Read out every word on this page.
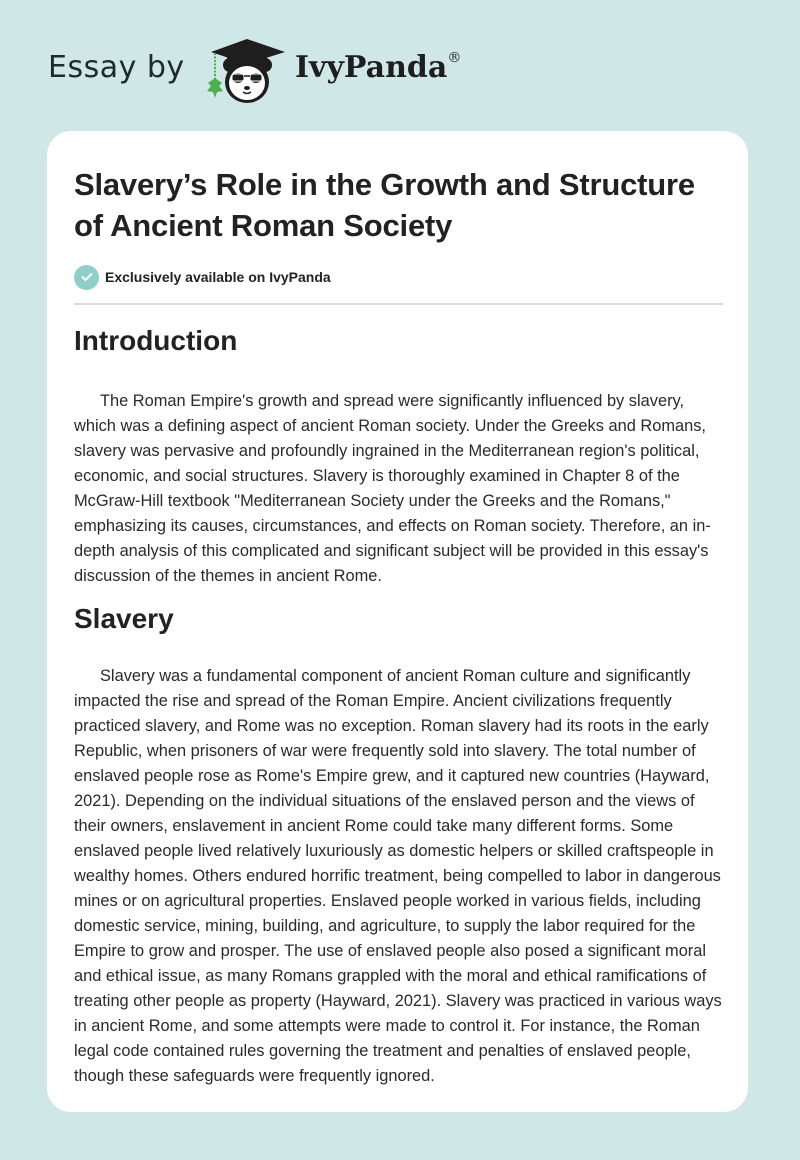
Essay by	IvyPanda®
Slavery’s Role in the Growth and Structure of Ancient Roman Society
Exclusively available on IvyPanda
Introduction

The Roman Empire's growth and spread were significantly influenced by slavery, which was a defining aspect of ancient Roman society. Under the Greeks and Romans, slavery was pervasive and profoundly ingrained in the Mediterranean region's political, economic, and social structures. Slavery is thoroughly examined in Chapter 8 of the McGraw-Hill textbook "Mediterranean Society under the Greeks and the Romans," emphasizing its causes, circumstances, and effects on Roman society. Therefore, an in-depth analysis of this complicated and significant subject will be provided in this essay's discussion of the themes in ancient Rome.

Slavery

Slavery was a fundamental component of ancient Roman culture and significantly impacted the rise and spread of the Roman Empire. Ancient civilizations frequently practiced slavery, and Rome was no exception. Roman slavery had its roots in the early Republic, when prisoners of war were frequently sold into slavery. The total number of enslaved people rose as Rome's Empire grew, and it captured new countries (Hayward, 2021). Depending on the individual situations of the enslaved person and the views of their owners, enslavement in ancient Rome could take many different forms. Some enslaved people lived relatively luxuriously as domestic helpers or skilled craftspeople in wealthy homes. Others endured horrific treatment, being compelled to labor in dangerous mines or on agricultural properties. Enslaved people worked in various fields, including domestic service, mining, building, and agriculture, to supply the labor required for the Empire to grow and prosper. The use of enslaved people also posed a significant moral and ethical issue, as many Romans grappled with the moral and ethical ramifications of treating other people as property (Hayward, 2021). Slavery was practiced in various ways in ancient Rome, and some attempts were made to control it. For instance, the Roman legal code contained rules governing the treatment and penalties of enslaved people, though these safeguards were frequently ignored.
